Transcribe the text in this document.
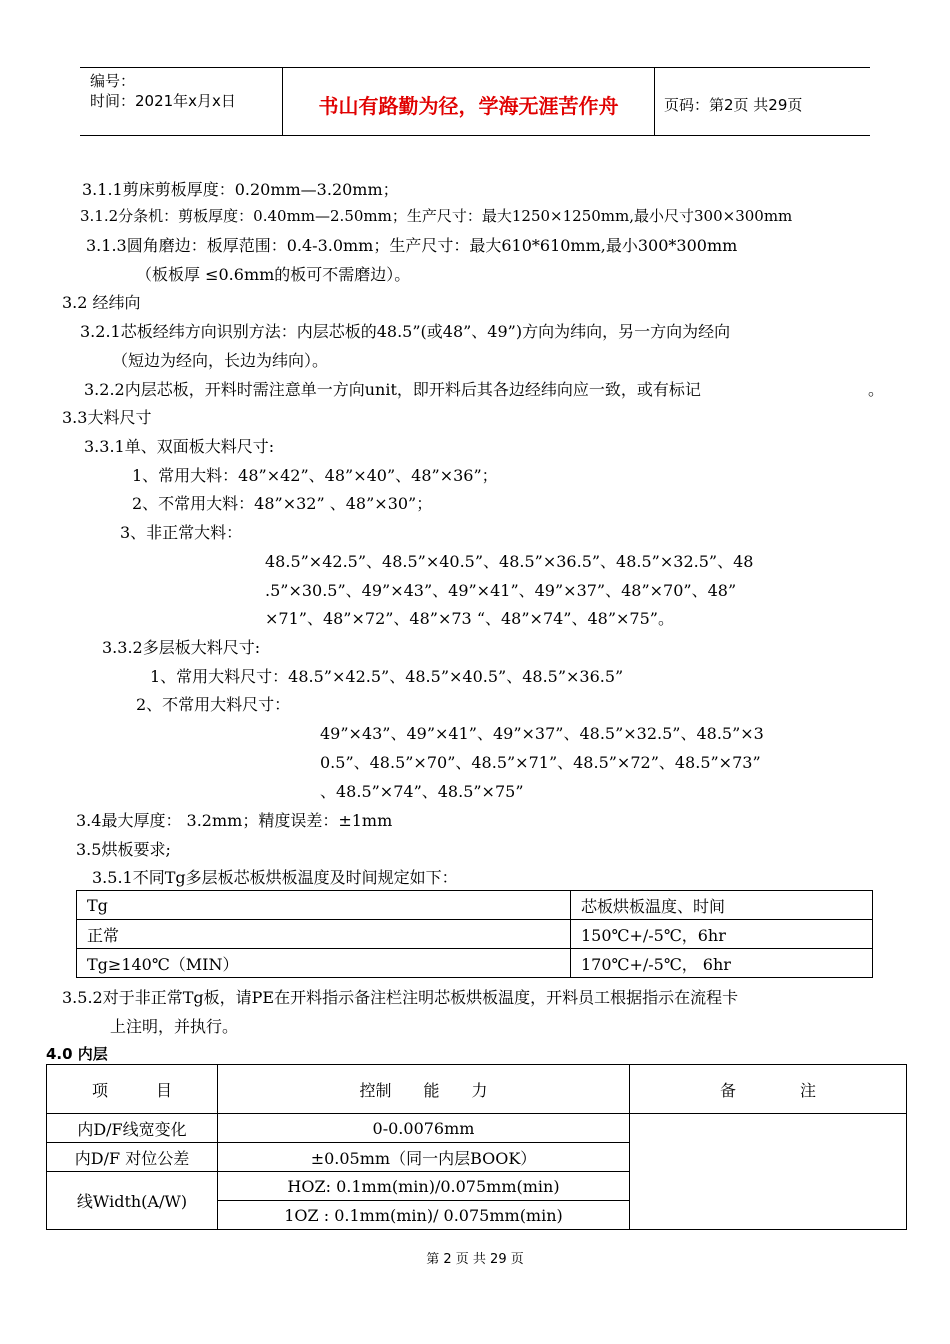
编号：
时间：2021年x月x日	书山有路勤为径，学海无涯苦作舟	页码：第2页 共29页
3.1.1剪床剪板厚度：0.20mm—3.20mm；
3.1.2分条机：剪板厚度：0.40mm—2.50mm；生产尺寸：最大1250×1250mm,最小尺寸300×300mm
3.1.3圆角磨边：板厚范围：0.4-3.0mm；生产尺寸：最大610*610mm,最小300*300mm
（板板厚 ≤0.6mm的板可不需磨边）。
3.2 经纬向
3.2.1芯板经纬方向识别方法：内层芯板的48.5”(或48”、49”)方向为纬向，另一方向为经向
（短边为经向，长边为纬向）。
3.2.2内层芯板，开料时需注意单一方向unit，即开料后其各边经纬向应一致，或有标记	。
3.3大料尺寸
3.3.1单、双面板大料尺寸:
1、常用大料：48”×42”、48”×40”、48”×36”；
2、不常用大料：48”×32” 、48”×30”；
3、非正常大料：
48.5”×42.5”、48.5”×40.5”、48.5”×36.5”、48.5”×32.5”、48
.5”×30.5”、49”×43”、49”×41”、49”×37”、48”×70”、48”
×71”、48”×72”、48”×73 “、48”×74”、48”×75”。
3.3.2多层板大料尺寸:
1、常用大料尺寸：48.5”×42.5”、48.5”×40.5”、48.5”×36.5”
2、不常用大料尺寸：
49”×43”、49”×41”、49”×37”、48.5”×32.5”、48.5”×3
0.5”、48.5”×70”、48.5”×71”、48.5”×72”、48.5”×73”
、48.5”×74”、48.5”×75”
3.4最大厚度： 3.2mm；精度误差：±1mm
3.5烘板要求;
3.5.1不同Tg多层板芯板烘板温度及时间规定如下：
Tg	芯板烘板温度、时间
正常	150℃+/-5℃，6hr
Tg≥140℃（MIN）	170℃+/-5℃， 6hr
3.5.2对于非正常Tg板，请PE在开料指示备注栏注明芯板烘板温度，开料员工根据指示在流程卡
上注明，并执行。
4.0 内层
项　　　目	控制　　能　　力	备　　　　注
内D/F线宽变化	0-0.0076mm	
内D/F 对位公差	±0.05mm（同一内层BOOK）	
线Width(A/W)	HOZ: 0.1mm(min)/0.075mm(min)	
	1OZ : 0.1mm(min)/ 0.075mm(min)	
第 2 页 共 29 页
